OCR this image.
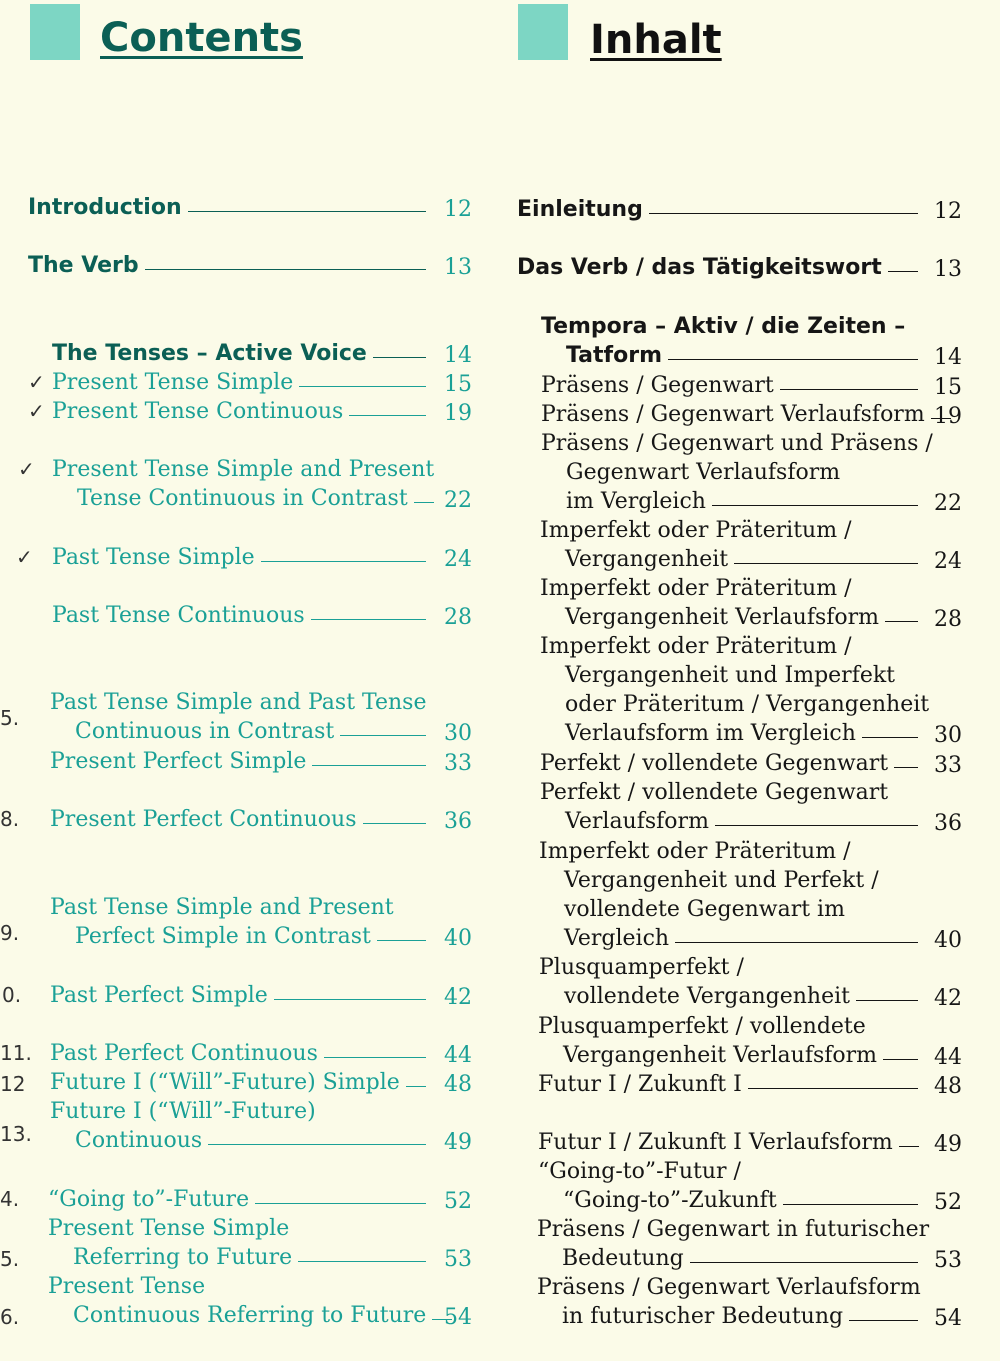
Contents	Inhalt
Introduction	12
The Verb	13
The Tenses – Active Voice	14
Present Tense Simple	15
Present Tense Continuous	19
Present Tense Simple and Present
Tense Continuous in Contrast	22
Past Tense Simple	24
Past Tense Continuous	28
Past Tense Simple and Past Tense
Continuous in Contrast	30
Present Perfect Simple	33
Present Perfect Continuous	36
Past Tense Simple and Present
Perfect Simple in Contrast	40
Past Perfect Simple	42
Past Perfect Continuous	44
Future I (“Will”-Future) Simple	48
Future I (“Will”-Future)
Continuous	49
“Going to”-Future	52
Present Tense Simple
Referring to Future	53
Present Tense
Continuous Referring to Future 54
Einleitung	12
Das Verb / das Tätigkeitswort	13
Tempora – Aktiv / die Zeiten –
Tatform	14
Präsens / Gegenwart	15
Präsens / Gegenwart Verlaufsform 19
Präsens / Gegenwart und Präsens /
Gegenwart Verlaufsform
im Vergleich	22
Imperfekt oder Präteritum /
Vergangenheit	24
Imperfekt oder Präteritum /
Vergangenheit Verlaufsform	28
Imperfekt oder Präteritum /
Vergangenheit und Imperfekt
oder Präteritum / Vergangenheit
Verlaufsform im Vergleich	30
Perfekt / vollendete Gegenwart	33
Perfekt / vollendete Gegenwart
Verlaufsform	36
Imperfekt oder Präteritum /
Vergangenheit und Perfekt /
vollendete Gegenwart im
Vergleich	40
Plusquamperfekt /
vollendete Vergangenheit	42
Plusquamperfekt / vollendete
Vergangenheit Verlaufsform	44
Futur I / Zukunft I	48
Futur I / Zukunft I Verlaufsform	49
“Going-to”-Futur /
“Going-to”-Zukunft	52
Präsens / Gegenwart in futurischer
Bedeutung	53
Präsens / Gegenwart Verlaufsform
in futurischer Bedeutung	54
✓
✓
✓
✓
5.
8.
9.
0.
11.
12
13.
4.
5.
6.
